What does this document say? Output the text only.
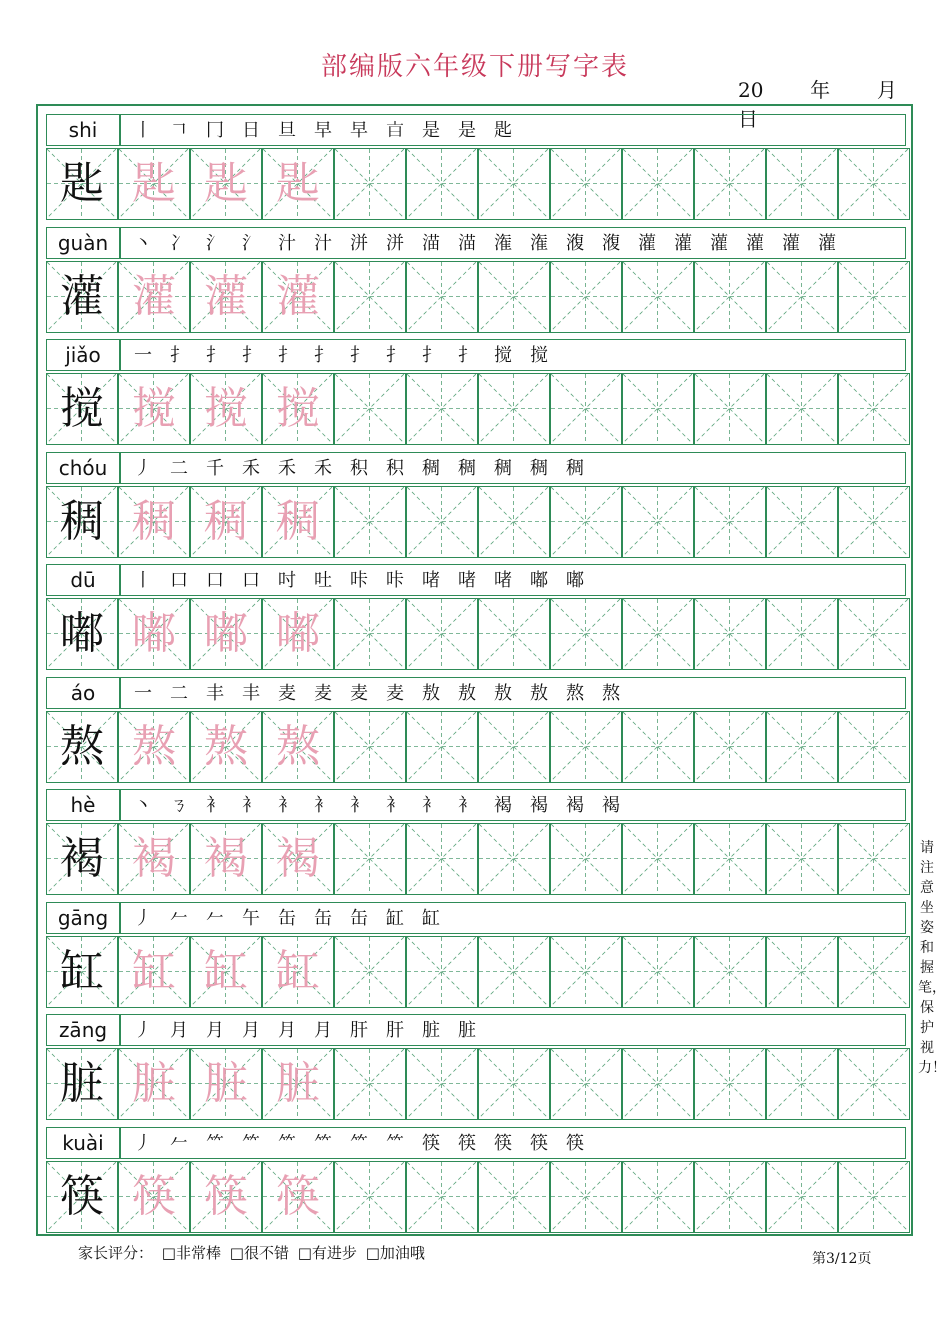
部编版六年级下册写字表
20 年 月  日
shi	丨 𠃍 冂 日 旦 早 早 𣅀 是 是 匙
匙 匙 匙 匙
guàn	丶 冫 氵 氵 汁 汁 洴 洴 渵 渵 潅 潅 澓 澓 灌 灌 灌 灌 灌 灌
灌 灌 灌 灌
jiǎo	一 扌 扌 扌 扌 扌 扌 扌 扌 扌 搅 搅
搅 搅 搅 搅
chóu	丿 二 千 禾 禾 禾 积 积 稠 稠 稠 稠 稠
稠 稠 稠 稠
dū	丨 口 口 口 吋 吐 咔 咔 啫 啫 啫 嘟 嘟
嘟 嘟 嘟 嘟
áo	一 二 丰 丰 麦 麦 麦 麦 敖 敖 敖 敖 熬 熬
熬 熬 熬 熬
hè	丶 ㄋ 衤 衤 衤 衤 衤 衤 衤 衤 褐 褐 褐 褐
褐 褐 褐 褐
gāng	丿 𠂉 𠂉 午 缶 缶 缶 缸 缸
缸 缸 缸 缸
zāng	丿 月 月 月 月 月 肝 肝 脏 脏
脏 脏 脏 脏
kuài	丿 𠂉 ⺮ ⺮ ⺮ ⺮ ⺮ ⺮ 筷 筷 筷 筷 筷
筷 筷 筷 筷
家长评分： □非常棒 □很不错 □有进步 □加油哦	第3/12页
请注意坐姿和握笔，保护视力！
